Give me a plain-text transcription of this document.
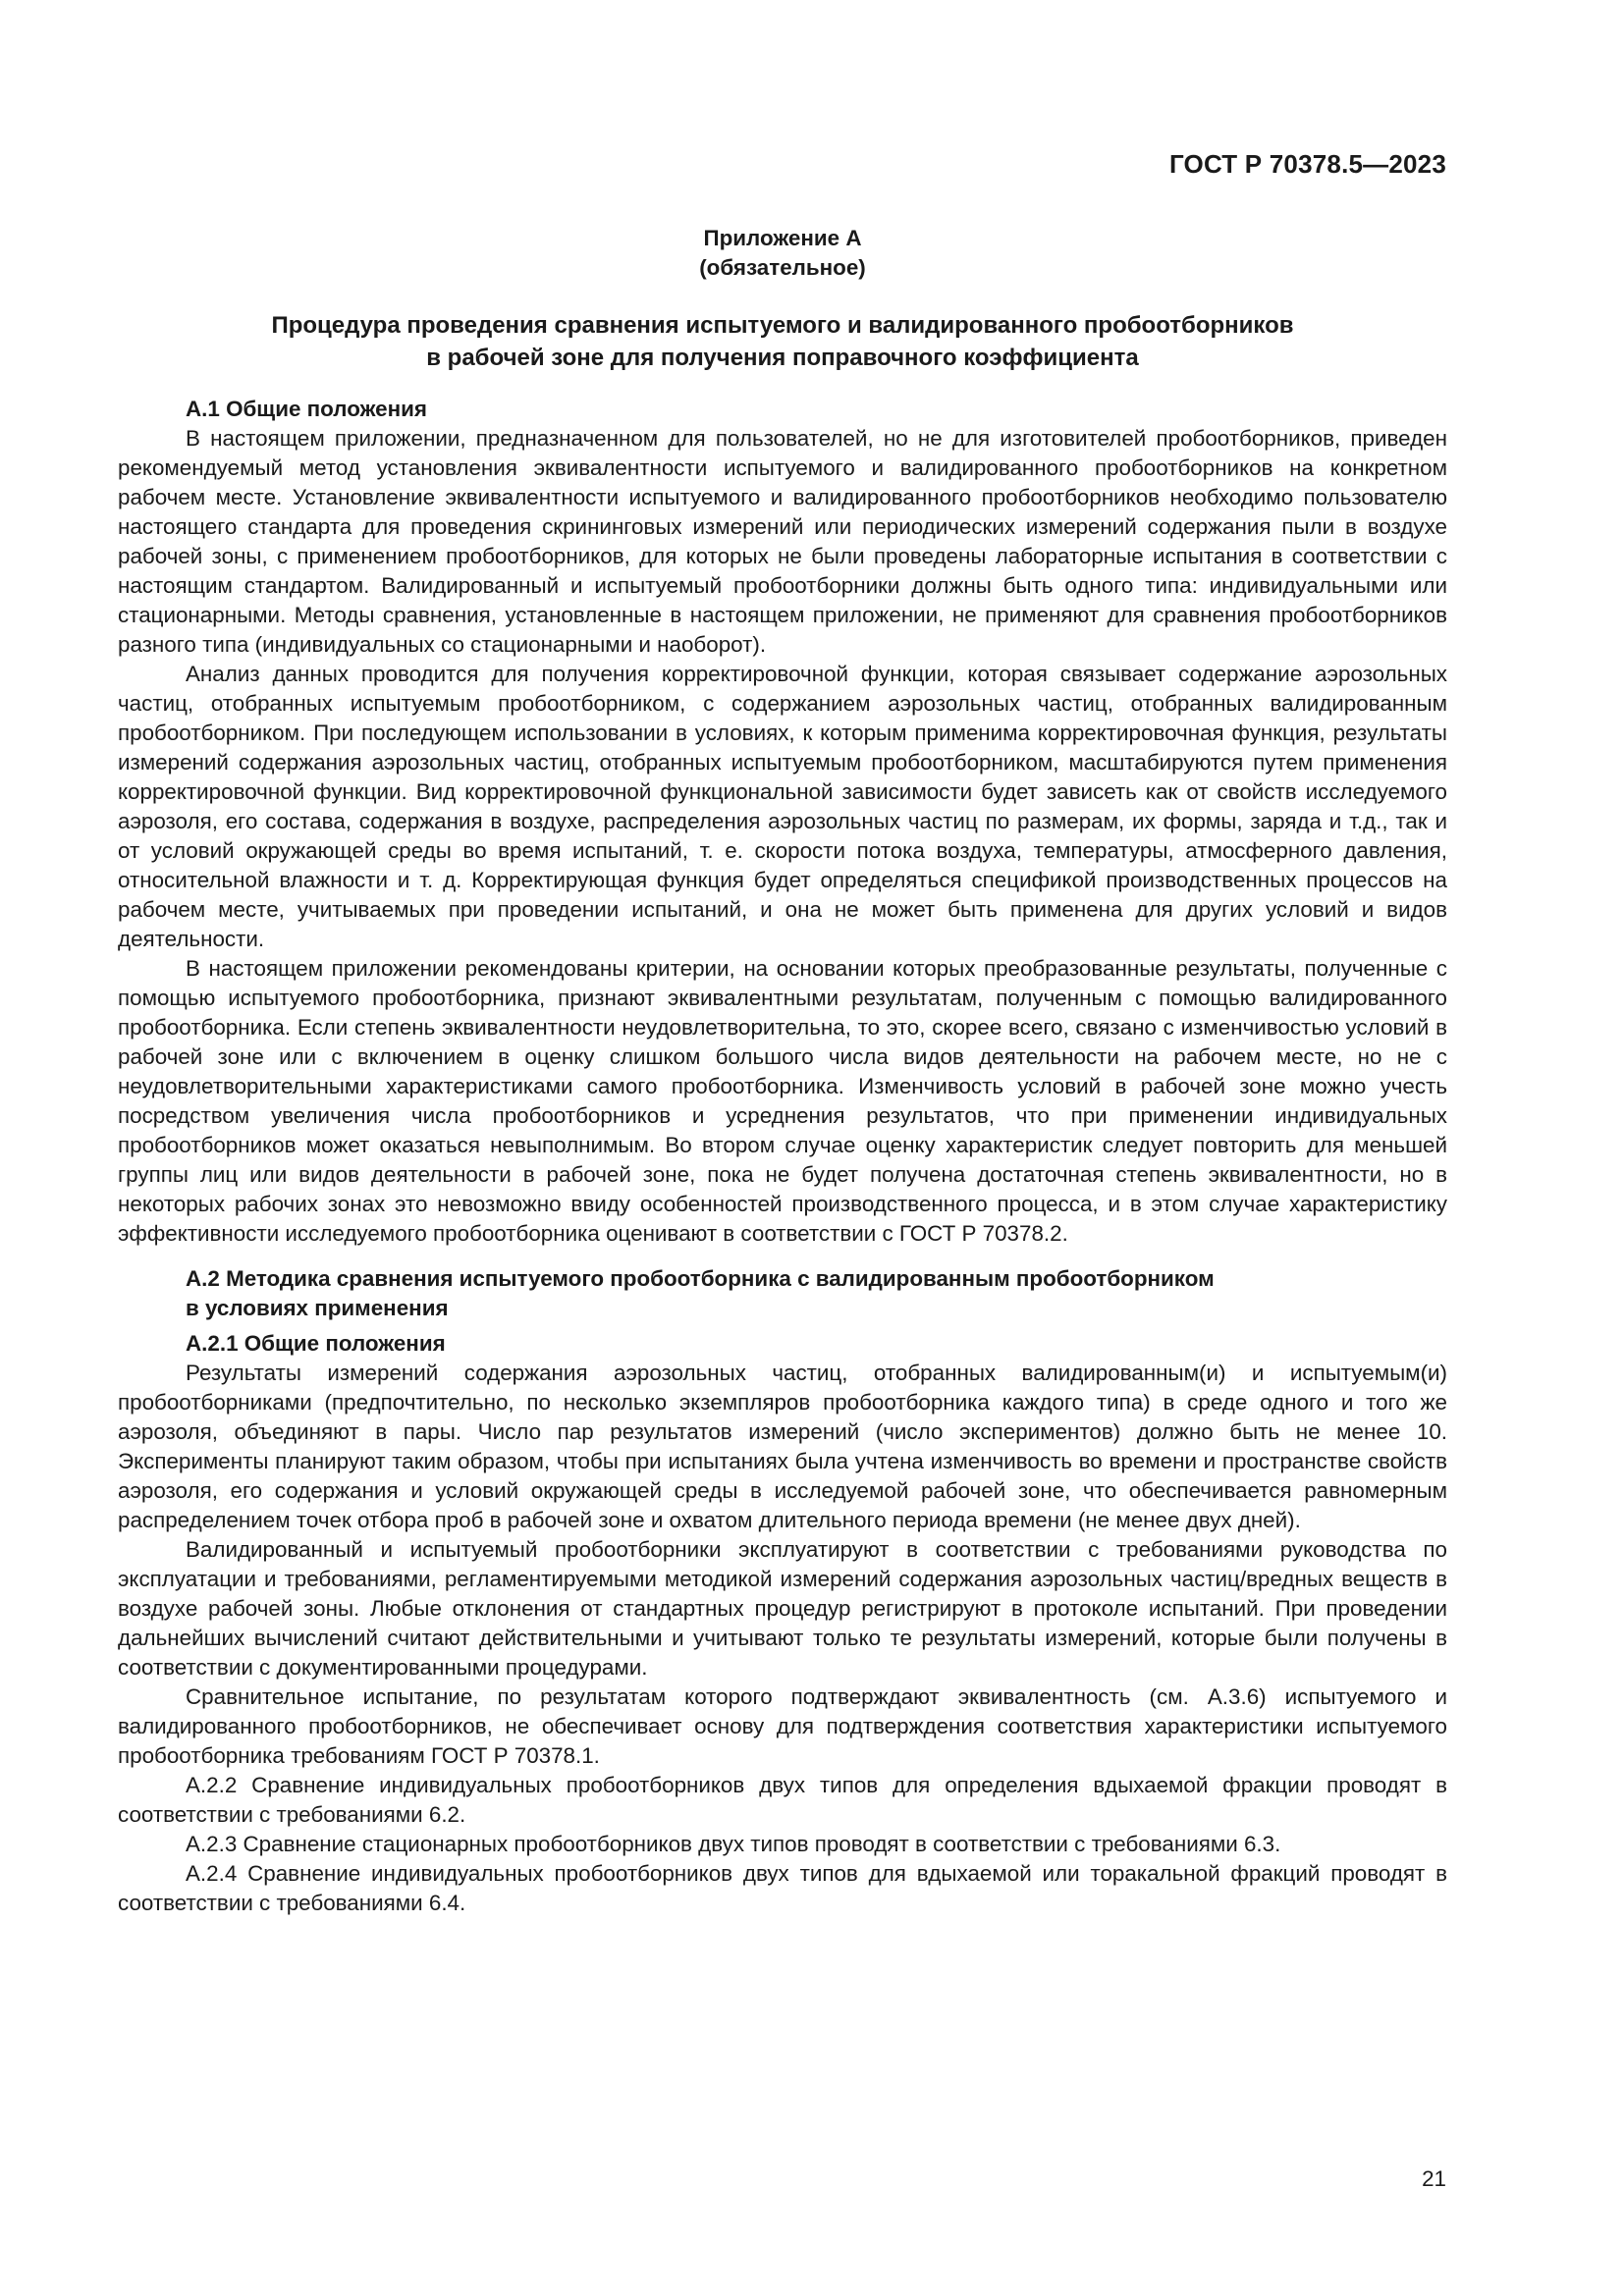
ГОСТ Р 70378.5—2023
Приложение А
(обязательное)
Процедура проведения сравнения испытуемого и валидированного пробоотборников
в рабочей зоне для получения поправочного коэффициента
А.1 Общие положения

В настоящем приложении, предназначенном для пользователей, но не для изготовителей пробоотборников, приведен рекомендуемый метод установления эквивалентности испытуемого и валидированного пробоотборников на конкретном рабочем месте. Установление эквивалентности испытуемого и валидированного пробоотборников необходимо пользователю настоящего стандарта для проведения скрининговых измерений или периодических измерений содержания пыли в воздухе рабочей зоны, с применением пробоотборников, для которых не были проведены лабораторные испытания в соответствии с настоящим стандартом. Валидированный и испытуемый пробоотборники должны быть одного типа: индивидуальными или стационарными. Методы сравнения, установленные в настоящем приложении, не применяют для сравнения пробоотборников разного типа (индивидуальных со стационарными и наоборот).

Анализ данных проводится для получения корректировочной функции, которая связывает содержание аэрозольных частиц, отобранных испытуемым пробоотборником, с содержанием аэрозольных частиц, отобранных валидированным пробоотборником. При последующем использовании в условиях, к которым применима корректировочная функция, результаты измерений содержания аэрозольных частиц, отобранных испытуемым пробоотборником, масштабируются путем применения корректировочной функции. Вид корректировочной функциональной зависимости будет зависеть как от свойств исследуемого аэрозоля, его состава, содержания в воздухе, распределения аэрозольных частиц по размерам, их формы, заряда и т.д., так и от условий окружающей среды во время испытаний, т. е. скорости потока воздуха, температуры, атмосферного давления, относительной влажности и т. д. Корректирующая функция будет определяться спецификой производственных процессов на рабочем месте, учитываемых при проведении испытаний, и она не может быть применена для других условий и видов деятельности.

В настоящем приложении рекомендованы критерии, на основании которых преобразованные результаты, полученные с помощью испытуемого пробоотборника, признают эквивалентными результатам, полученным с помощью валидированного пробоотборника. Если степень эквивалентности неудовлетворительна, то это, скорее всего, связано с изменчивостью условий в рабочей зоне или с включением в оценку слишком большого числа видов деятельности на рабочем месте, но не с неудовлетворительными характеристиками самого пробоотборника. Изменчивость условий в рабочей зоне можно учесть посредством увеличения числа пробоотборников и усреднения результатов, что при применении индивидуальных пробоотборников может оказаться невыполнимым. Во втором случае оценку характеристик следует повторить для меньшей группы лиц или видов деятельности в рабочей зоне, пока не будет получена достаточная степень эквивалентности, но в некоторых рабочих зонах это невозможно ввиду особенностей производственного процесса, и в этом случае характеристику эффективности исследуемого пробоотборника оценивают в соответствии с ГОСТ Р 70378.2.

А.2 Методика сравнения испытуемого пробоотборника с валидированным пробоотборником
в условиях применения
А.2.1 Общие положения

Результаты измерений содержания аэрозольных частиц, отобранных валидированным(и) и испытуемым(и) пробоотборниками (предпочтительно, по несколько экземпляров пробоотборника каждого типа) в среде одного и того же аэрозоля, объединяют в пары. Число пар результатов измерений (число экспериментов) должно быть не менее 10. Эксперименты планируют таким образом, чтобы при испытаниях была учтена изменчивость во времени и пространстве свойств аэрозоля, его содержания и условий окружающей среды в исследуемой рабочей зоне, что обеспечивается равномерным распределением точек отбора проб в рабочей зоне и охватом длительного периода времени (не менее двух дней).

Валидированный и испытуемый пробоотборники эксплуатируют в соответствии с требованиями руководства по эксплуатации и требованиями, регламентируемыми методикой измерений содержания аэрозольных частиц/вредных веществ в воздухе рабочей зоны. Любые отклонения от стандартных процедур регистрируют в протоколе испытаний. При проведении дальнейших вычислений считают действительными и учитывают только те результаты измерений, которые были получены в соответствии с документированными процедурами.

Сравнительное испытание, по результатам которого подтверждают эквивалентность (см. А.3.6) испытуемого и валидированного пробоотборников, не обеспечивает основу для подтверждения соответствия характеристики испытуемого пробоотборника требованиям ГОСТ Р 70378.1.

А.2.2 Сравнение индивидуальных пробоотборников двух типов для определения вдыхаемой фракции проводят в соответствии с требованиями 6.2.

А.2.3 Сравнение стационарных пробоотборников двух типов проводят в соответствии с требованиями 6.3.

А.2.4 Сравнение индивидуальных пробоотборников двух типов для вдыхаемой или торакальной фракций проводят в соответствии с требованиями 6.4.

21
